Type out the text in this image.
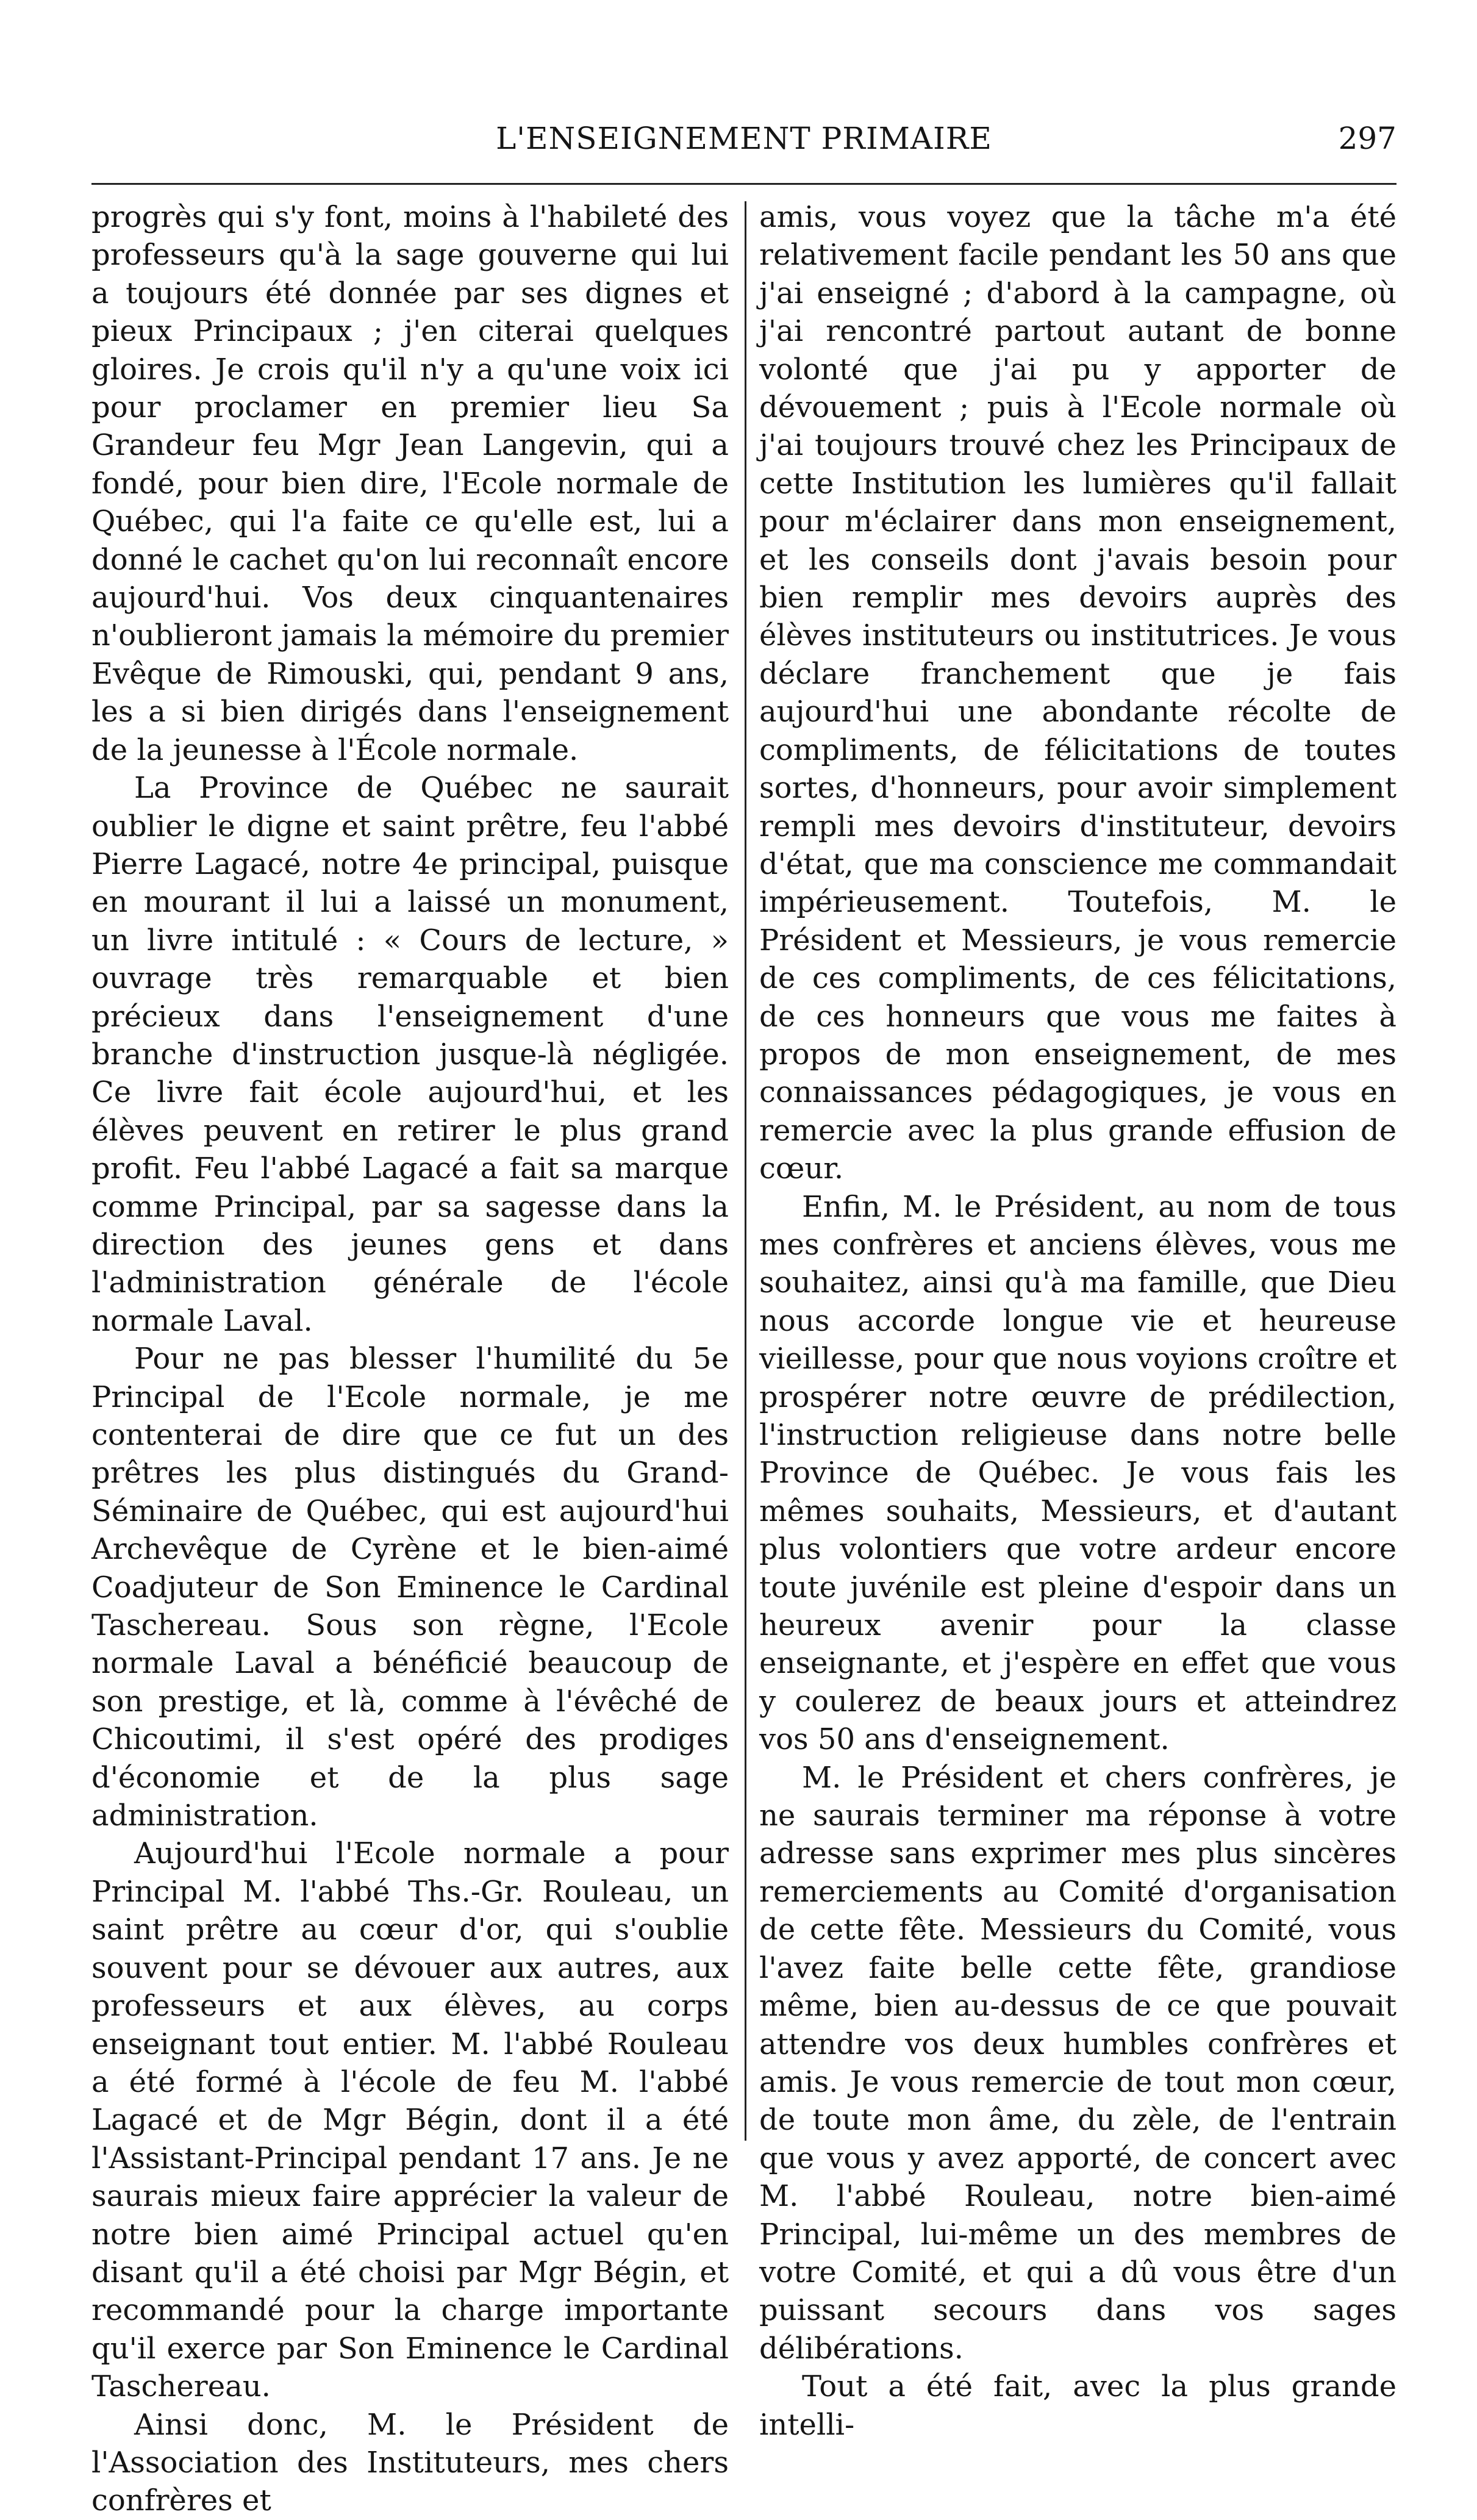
L'ENSEIGNEMENT PRIMAIRE	297

progrès qui s'y font, moins à l'habileté des professeurs qu'à la sage gouverne qui lui a toujours été donnée par ses dignes et pieux Principaux ; j'en citerai quelques gloires. Je crois qu'il n'y a qu'une voix ici pour proclamer en premier lieu Sa Grandeur feu Mgr Jean Langevin, qui a fondé, pour bien dire, l'Ecole normale de Québec, qui l'a faite ce qu'elle est, lui a donné le cachet qu'on lui reconnaît encore aujourd'hui. Vos deux cinquantenaires n'oublieront jamais la mémoire du premier Evêque de Rimouski, qui, pendant 9 ans, les a si bien dirigés dans l'enseignement de la jeunesse à l'École normale.

La Province de Québec ne saurait oublier le digne et saint prêtre, feu l'abbé Pierre Lagacé, notre 4e principal, puisque en mourant il lui a laissé un monument, un livre intitulé : « Cours de lecture, » ouvrage très remarquable et bien précieux dans l'enseignement d'une branche d'instruction jusque-là négligée. Ce livre fait école aujourd'hui, et les élèves peuvent en retirer le plus grand profit. Feu l'abbé Lagacé a fait sa marque comme Principal, par sa sagesse dans la direction des jeunes gens et dans l'administration générale de l'école normale Laval.

Pour ne pas blesser l'humilité du 5e Principal de l'Ecole normale, je me contenterai de dire que ce fut un des prêtres les plus distingués du Grand-Séminaire de Québec, qui est aujourd'hui Archevêque de Cyrène et le bien-aimé Coadjuteur de Son Eminence le Cardinal Taschereau. Sous son règne, l'Ecole normale Laval a bénéficié beaucoup de son prestige, et là, comme à l'évêché de Chicoutimi, il s'est opéré des prodiges d'économie et de la plus sage administration.

Aujourd'hui l'Ecole normale a pour Principal M. l'abbé Ths.-Gr. Rouleau, un saint prêtre au cœur d'or, qui s'oublie souvent pour se dévouer aux autres, aux professeurs et aux élèves, au corps enseignant tout entier. M. l'abbé Rouleau a été formé à l'école de feu M. l'abbé Lagacé et de Mgr Bégin, dont il a été l'Assistant-Principal pendant 17 ans. Je ne saurais mieux faire apprécier la valeur de notre bien aimé Principal actuel qu'en disant qu'il a été choisi par Mgr Bégin, et recommandé pour la charge importante qu'il exerce par Son Eminence le Cardinal Taschereau.

Ainsi donc, M. le Président de l'Association des Instituteurs, mes chers confrères et

amis, vous voyez que la tâche m'a été relativement facile pendant les 50 ans que j'ai enseigné ; d'abord à la campagne, où j'ai rencontré partout autant de bonne volonté que j'ai pu y apporter de dévouement ; puis à l'Ecole normale où j'ai toujours trouvé chez les Principaux de cette Institution les lumières qu'il fallait pour m'éclairer dans mon enseignement, et les conseils dont j'avais besoin pour bien remplir mes devoirs auprès des élèves instituteurs ou institutrices. Je vous déclare franchement que je fais aujourd'hui une abondante récolte de compliments, de félicitations de toutes sortes, d'honneurs, pour avoir simplement rempli mes devoirs d'instituteur, devoirs d'état, que ma conscience me commandait impérieusement. Toutefois, M. le Président et Messieurs, je vous remercie de ces compliments, de ces félicitations, de ces honneurs que vous me faites à propos de mon enseignement, de mes connaissances pédagogiques, je vous en remercie avec la plus grande effusion de cœur.

Enfin, M. le Président, au nom de tous mes confrères et anciens élèves, vous me souhaitez, ainsi qu'à ma famille, que Dieu nous accorde longue vie et heureuse vieillesse, pour que nous voyions croître et prospérer notre œuvre de prédilection, l'instruction religieuse dans notre belle Province de Québec. Je vous fais les mêmes souhaits, Messieurs, et d'autant plus volontiers que votre ardeur encore toute juvénile est pleine d'espoir dans un heureux avenir pour la classe enseignante, et j'espère en effet que vous y coulerez de beaux jours et atteindrez vos 50 ans d'enseignement.

M. le Président et chers confrères, je ne saurais terminer ma réponse à votre adresse sans exprimer mes plus sincères remerciements au Comité d'organisation de cette fête. Messieurs du Comité, vous l'avez faite belle cette fête, grandiose même, bien au-dessus de ce que pouvait attendre vos deux humbles confrères et amis. Je vous remercie de tout mon cœur, de toute mon âme, du zèle, de l'entrain que vous y avez apporté, de concert avec M. l'abbé Rouleau, notre bien-aimé Principal, lui-même un des membres de votre Comité, et qui a dû vous être d'un puissant secours dans vos sages délibérations.

Tout a été fait, avec la plus grande intelli-
